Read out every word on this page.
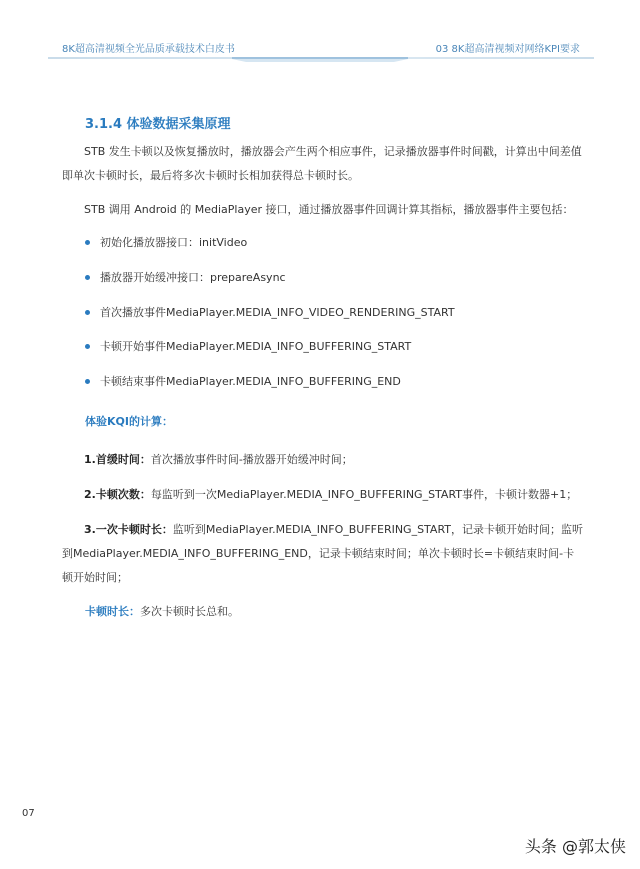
8K超高清视频全光品质承载技术白皮书	03 8K超高清视频对网络KPI要求
3.1.4 体验数据采集原理
STB 发生卡顿以及恢复播放时，播放器会产生两个相应事件，记录播放器事件时间戳，计算出中间差值即单次卡顿时长，最后将多次卡顿时长相加获得总卡顿时长。
STB 调用 Android 的 MediaPlayer 接口，通过播放器事件回调计算其指标，播放器事件主要包括：
初始化播放器接口：initVideo
播放器开始缓冲接口：prepareAsync
首次播放事件MediaPlayer.MEDIA_INFO_VIDEO_RENDERING_START
卡顿开始事件MediaPlayer.MEDIA_INFO_BUFFERING_START
卡顿结束事件MediaPlayer.MEDIA_INFO_BUFFERING_END
体验KQI的计算：
1.首缓时间：首次播放事件时间-播放器开始缓冲时间；
2.卡顿次数：每监听到一次MediaPlayer.MEDIA_INFO_BUFFERING_START事件，卡顿计数器+1；
3.一次卡顿时长：监听到MediaPlayer.MEDIA_INFO_BUFFERING_START，记录卡顿开始时间；监听到MediaPlayer.MEDIA_INFO_BUFFERING_END，记录卡顿结束时间；单次卡顿时长=卡顿结束时间-卡顿开始时间；
卡顿时长：多次卡顿时长总和。
07
头条 @郭太侠
